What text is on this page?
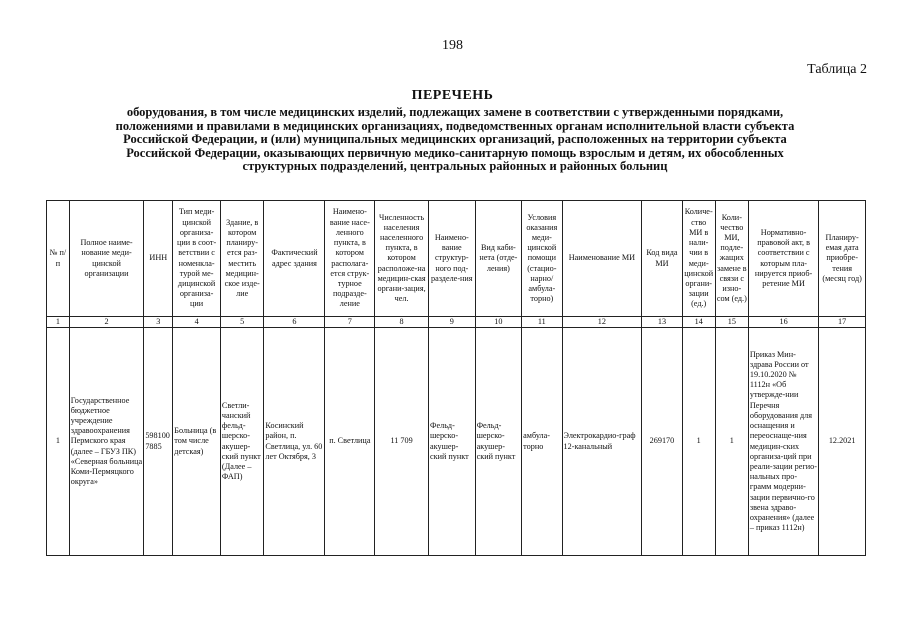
198
Таблица 2
ПЕРЕЧЕНЬ
оборудования, в том числе медицинских изделий, подлежащих замене в соответствии с утвержденными порядками, положениями и правилами в медицинских организациях, подведомственных органам исполнительной власти субъекта Российской Федерации, и (или) муниципальных медицинских организаций, расположенных на территории субъекта Российской Федерации, оказывающих первичную медико-санитарную помощь взрослым и детям, их обособленных структурных подразделений, центральных районных и районных больниц
№ п/п	Полное наиме-нование меди-цинской организации	ИНН	Тип меди-цинской организа-ции в соот-ветствии с номенкла-турой ме-дицинской организа-ции	Здание, в котором планиру-ется раз-местить медицин-ское изде-лие	Фактический адрес здания	Наимено-вание насе-ленного пункта, в котором располага-ется струк-турное подразде-ление	Численность населения населенного пункта, в котором расположе-на медицин-ская органи-зация, чел.	Наимено-вание структур-ного под-разделе-ния	Вид каби-нета (отде-ления)	Условия оказания меди-цинской помощи (стацио-нарно/ амбула-торно)	Наименование МИ	Код вида МИ	Количе-ство МИ в нали-чии в меди-цинской органи-зации (ед.)	Коли-чество МИ, подле-жащих замене в связи с изно-сом (ед.)	Нормативно-правовой акт, в соответствии с которым пла-нируется приоб-ретение МИ	Планиру-емая дата приобре-тения (месяц год)
1	2	3	4	5	6	7	8	9	10	11	12	13	14	15	16	17
1	Государственное бюджетное учреждение здравоохранения Пермского края (далее – ГБУЗ ПК) «Северная больница Коми-Пермяцкого округа»	5981007885	Больница (в том числе детская)	Светли-чанский фельд-шерско-акушер-ский пункт (Далее – ФАП)	Косинский район, п. Светлица, ул. 60 лет Октября, 3	п. Светлица	11 709	Фельд-шерско-акушер-ский пункт	Фельд-шерско-акушер-ский пункт	амбула-торно	Электрокардио-граф 12-канальный	269170	1	1	Приказ Мин-здрава России от 19.10.2020 № 1112н «Об утвержде-нии Перечня оборудования для оснащения и переоснаще-ния медицин-ских организа-ций при реали-зации регио-нальных про-грамм модерни-зации первично-го звена здраво-охранения» (далее – приказ 1112н)	12.2021
